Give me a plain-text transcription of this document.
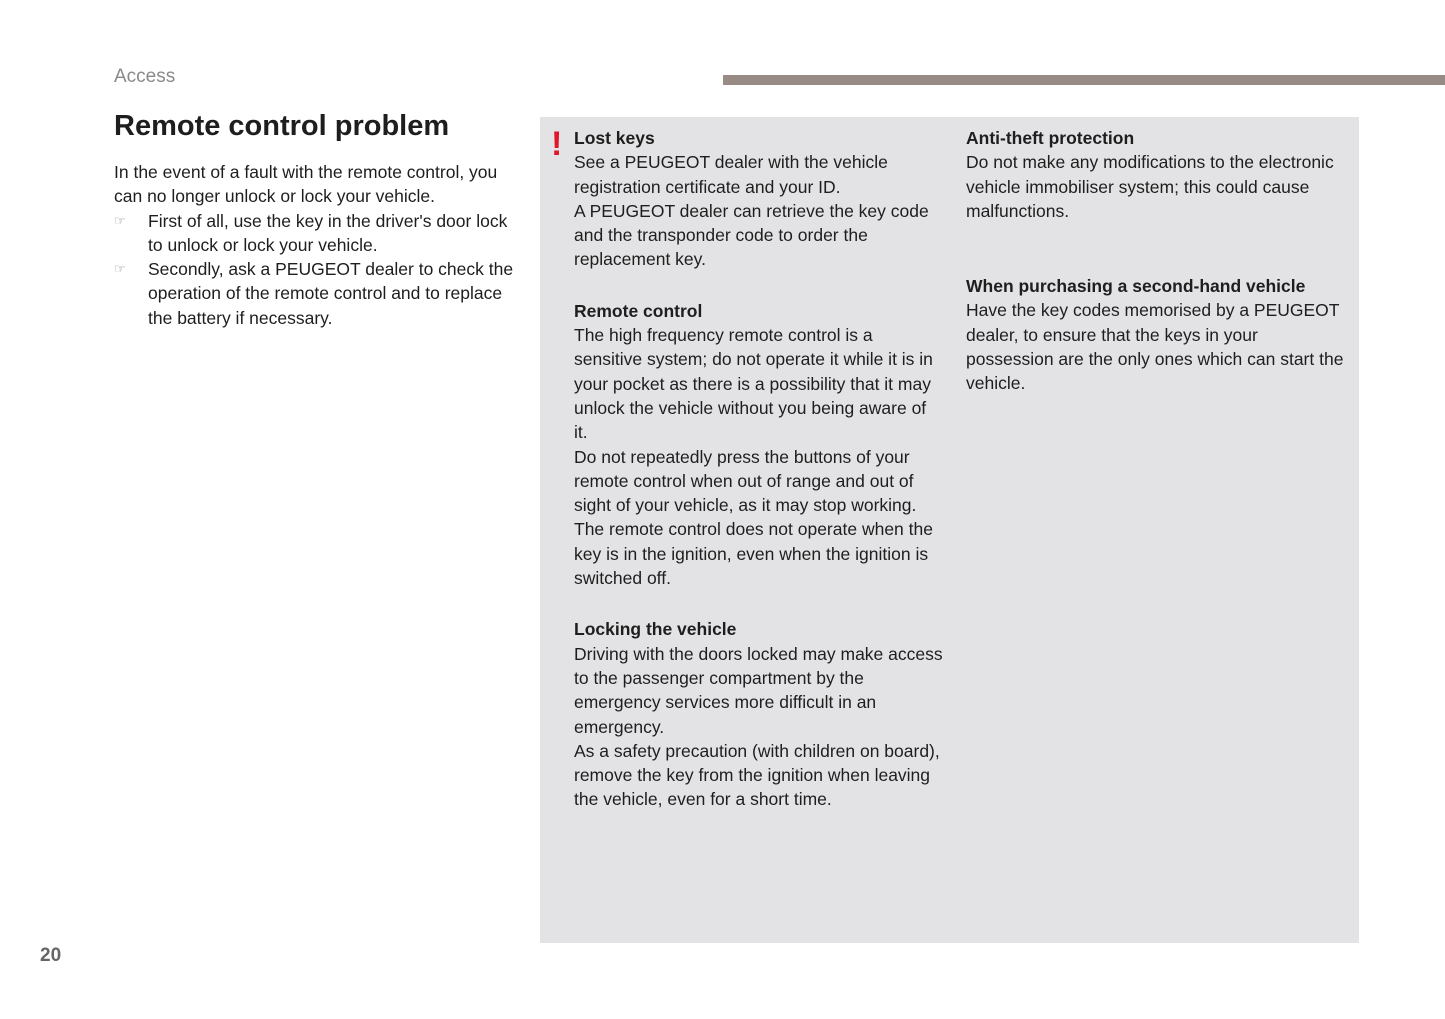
Access
Remote control problem

In the event of a fault with the remote control, you can no longer unlock or lock your vehicle.

☞ First of all, use the key in the driver's door lock to unlock or lock your vehicle.
☞ Secondly, ask a PEUGEOT dealer to check the operation of the remote control and to replace the battery if necessary.
! Lost keys

See a PEUGEOT dealer with the vehicle registration certificate and your ID.

A PEUGEOT dealer can retrieve the key code and the transponder code to order the replacement key.

Remote control

The high frequency remote control is a sensitive system; do not operate it while it is in your pocket as there is a possibility that it may unlock the vehicle without you being aware of it.

Do not repeatedly press the buttons of your remote control when out of range and out of sight of your vehicle, as it may stop working.

The remote control does not operate when the key is in the ignition, even when the ignition is switched off.

Locking the vehicle

Driving with the doors locked may make access to the passenger compartment by the emergency services more difficult in an emergency.

As a safety precaution (with children on board), remove the key from the ignition when leaving the vehicle, even for a short time.

Anti-theft protection

Do not make any modifications to the electronic vehicle immobiliser system; this could cause malfunctions.

When purchasing a second-hand vehicle

Have the key codes memorised by a PEUGEOT dealer, to ensure that the keys in your possession are the only ones which can start the vehicle.

20
